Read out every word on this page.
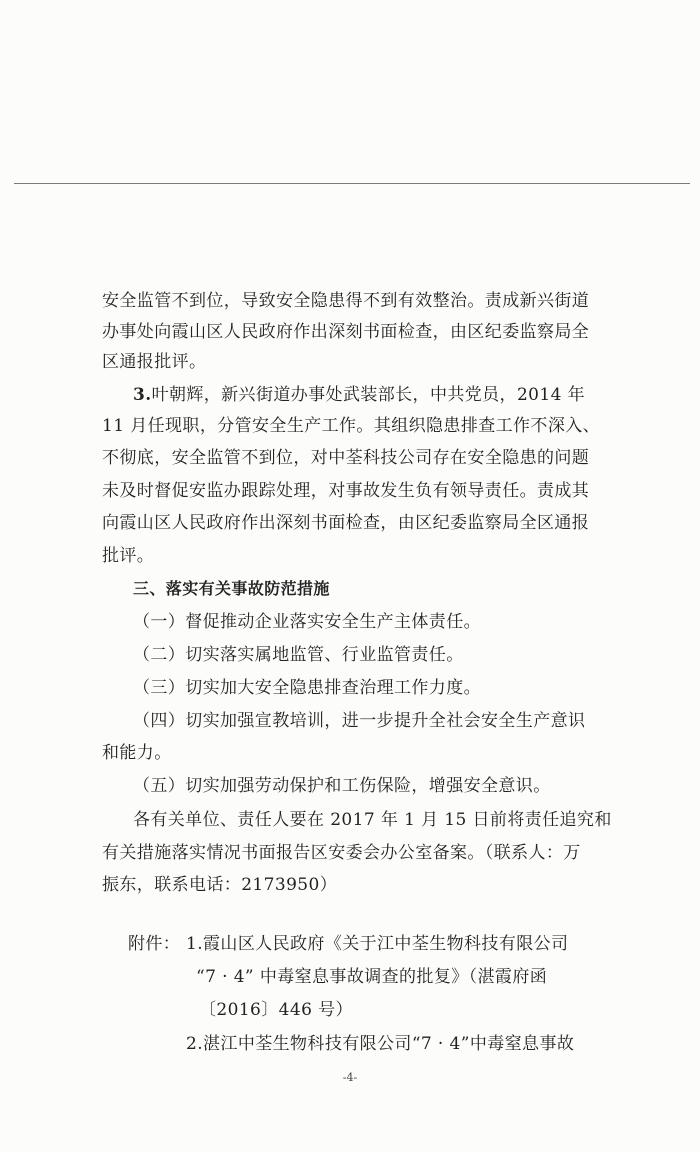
安全监管不到位，导致安全隐患得不到有效整治。责成新兴街道
办事处向霞山区人民政府作出深刻书面检查，由区纪委监察局全
区通报批评。
3.叶朝辉，新兴街道办事处武装部长，中共党员，2014 年
11 月任现职，分管安全生产工作。其组织隐患排查工作不深入、
不彻底，安全监管不到位，对中荃科技公司存在安全隐患的问题
未及时督促安监办跟踪处理，对事故发生负有领导责任。责成其
向霞山区人民政府作出深刻书面检查，由区纪委监察局全区通报
批评。
三、落实有关事故防范措施
（一）督促推动企业落实安全生产主体责任。
（二）切实落实属地监管、行业监管责任。
（三）切实加大安全隐患排查治理工作力度。
（四）切实加强宣教培训，进一步提升全社会安全生产意识
和能力。
（五）切实加强劳动保护和工伤保险，增强安全意识。
各有关单位、责任人要在 2017 年 1 月 15 日前将责任追究和
有关措施落实情况书面报告区安委会办公室备案。（联系人：万
振东，联系电话：2173950）
附件： 1.霞山区人民政府《关于江中荃生物科技有限公司
“7 · 4” 中毒窒息事故调查的批复》（湛霞府函
〔2016〕446 号）
2.湛江中荃生物科技有限公司“7 · 4”中毒窒息事故
-4-
